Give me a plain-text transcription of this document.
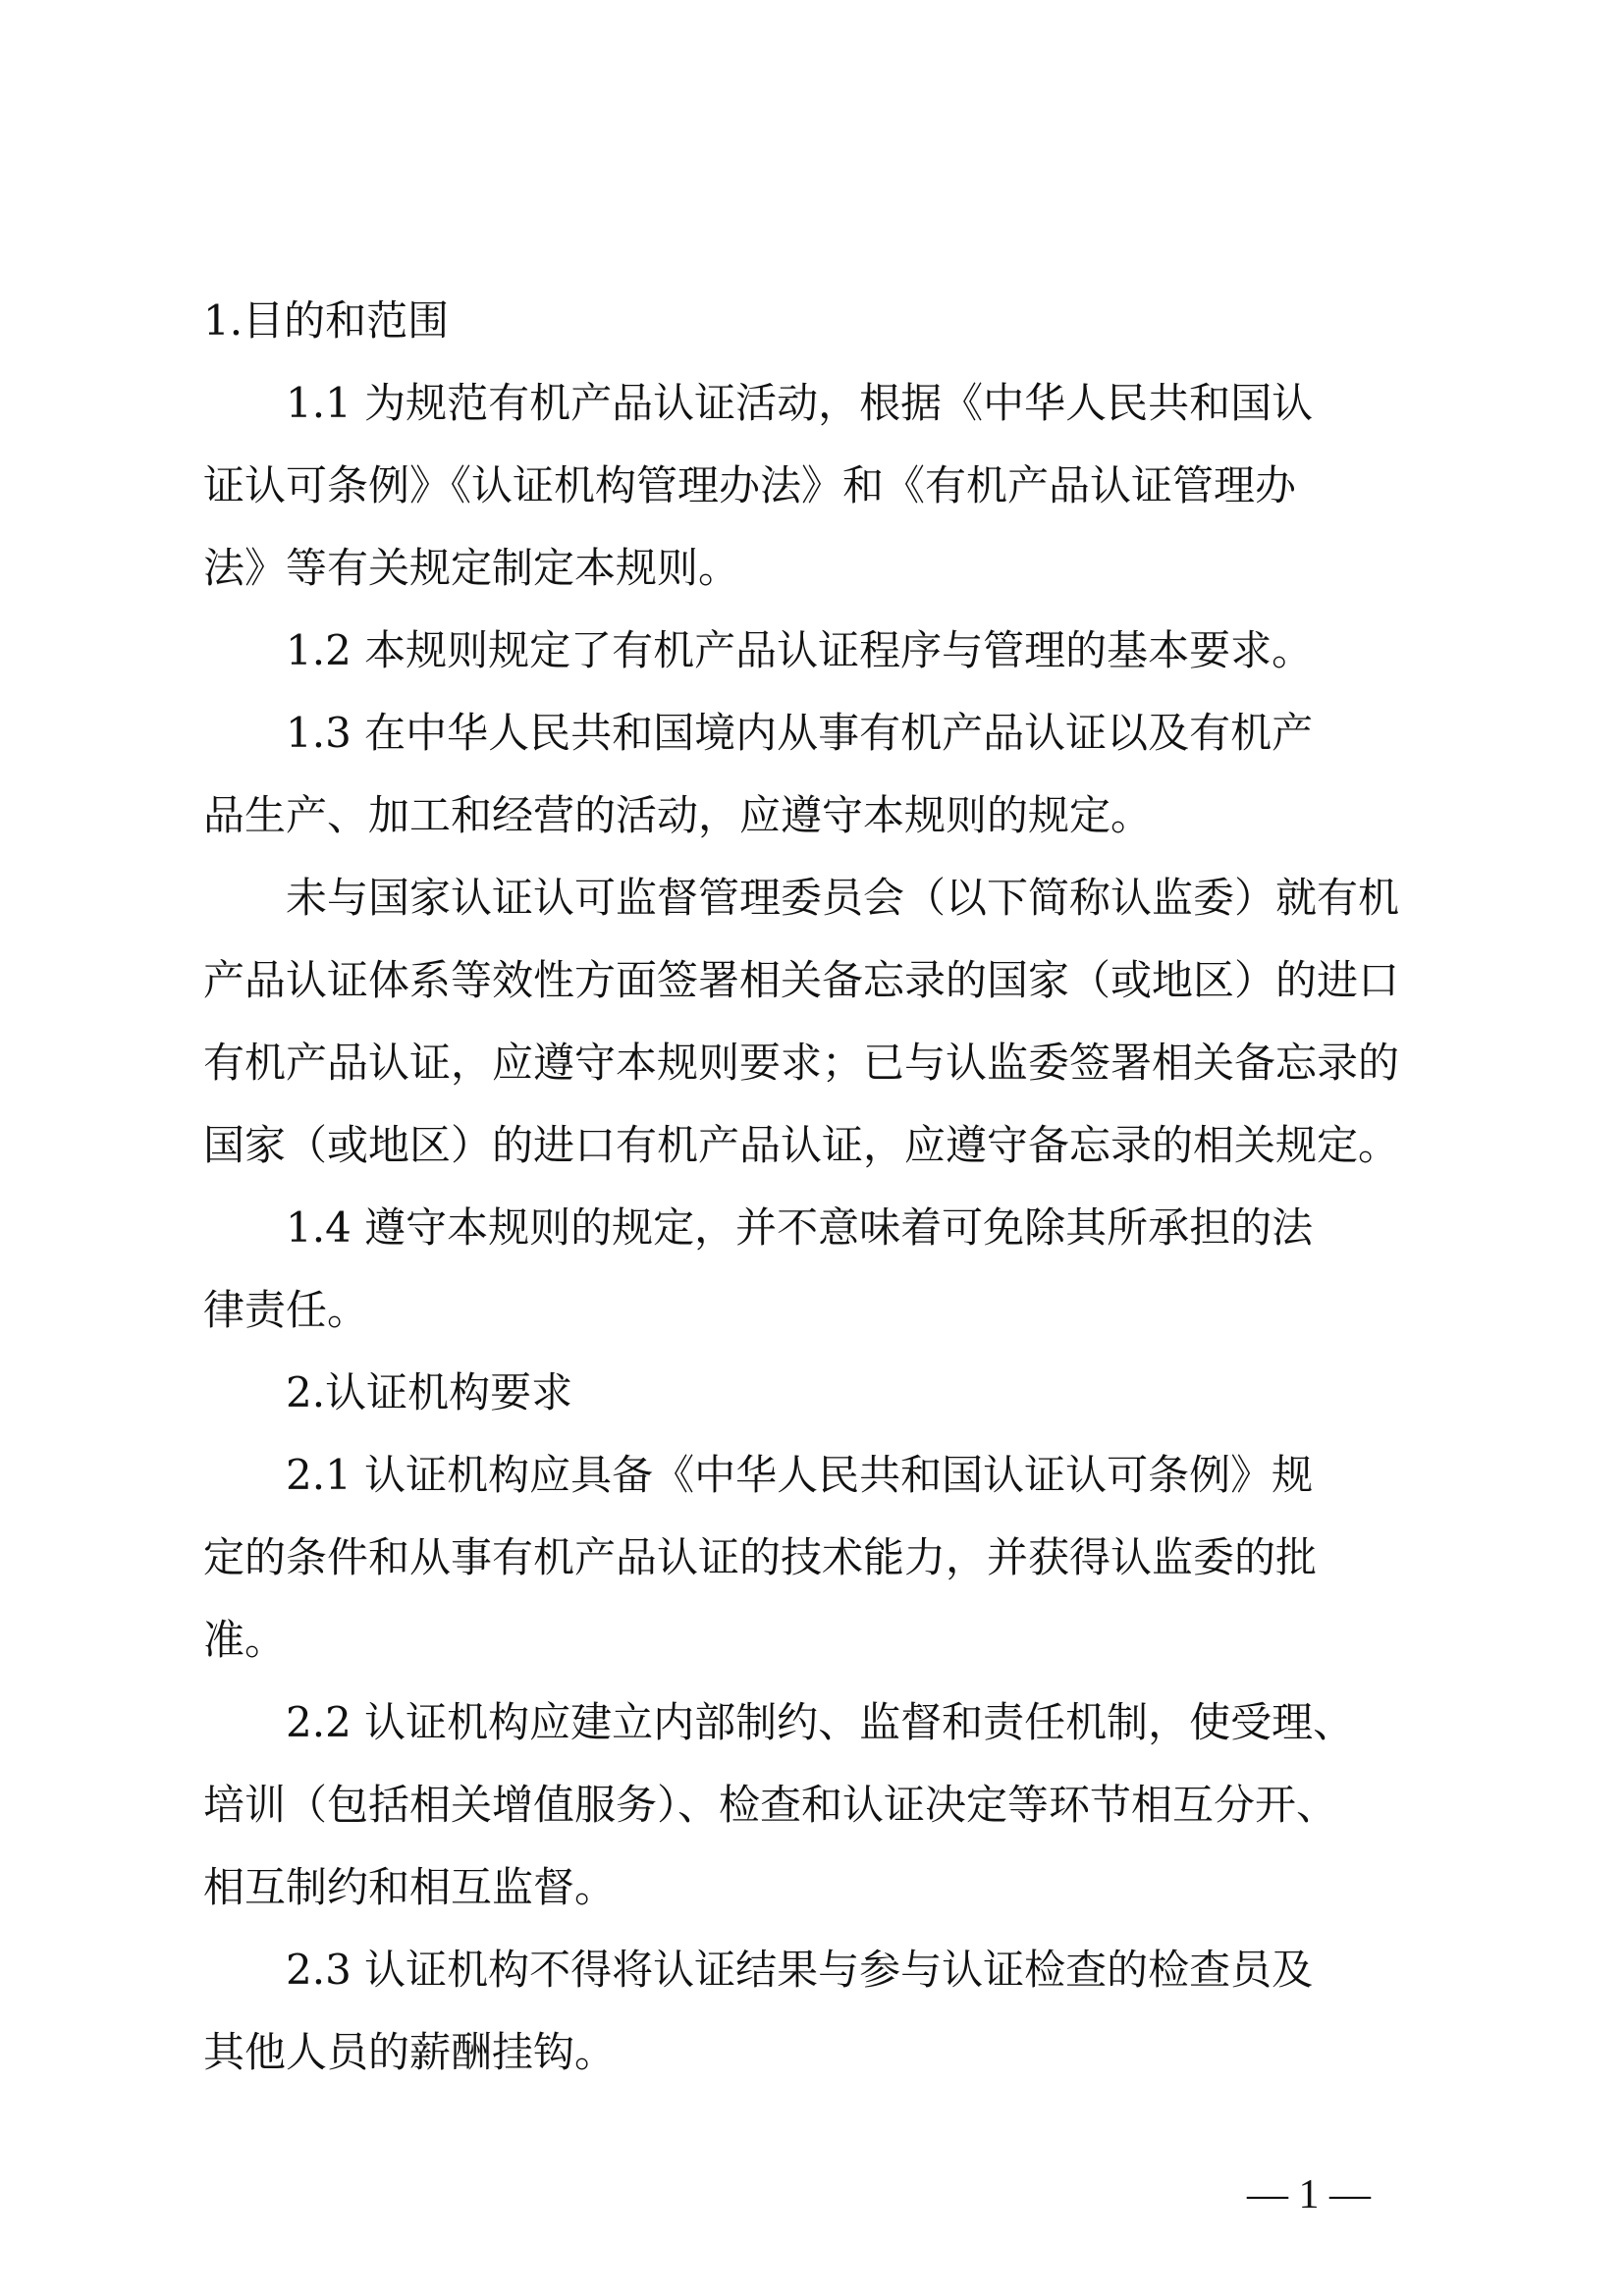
1.目的和范围
1.1 为规范有机产品认证活动，根据《中华人民共和国认
证认可条例》《认证机构管理办法》和《有机产品认证管理办
法》等有关规定制定本规则。
1.2 本规则规定了有机产品认证程序与管理的基本要求。
1.3 在中华人民共和国境内从事有机产品认证以及有机产
品生产、加工和经营的活动，应遵守本规则的规定。
未与国家认证认可监督管理委员会（以下简称认监委）就有机
产品认证体系等效性方面签署相关备忘录的国家（或地区）的进口
有机产品认证，应遵守本规则要求；已与认监委签署相关备忘录的
国家（或地区）的进口有机产品认证，应遵守备忘录的相关规定。
1.4 遵守本规则的规定，并不意味着可免除其所承担的法
律责任。
2.认证机构要求
2.1 认证机构应具备《中华人民共和国认证认可条例》规
定的条件和从事有机产品认证的技术能力，并获得认监委的批
准。
2.2 认证机构应建立内部制约、监督和责任机制，使受理、
培训（包括相关增值服务）、检查和认证决定等环节相互分开、
相互制约和相互监督。
2.3 认证机构不得将认证结果与参与认证检查的检查员及
其他人员的薪酬挂钩。
— 1 —
